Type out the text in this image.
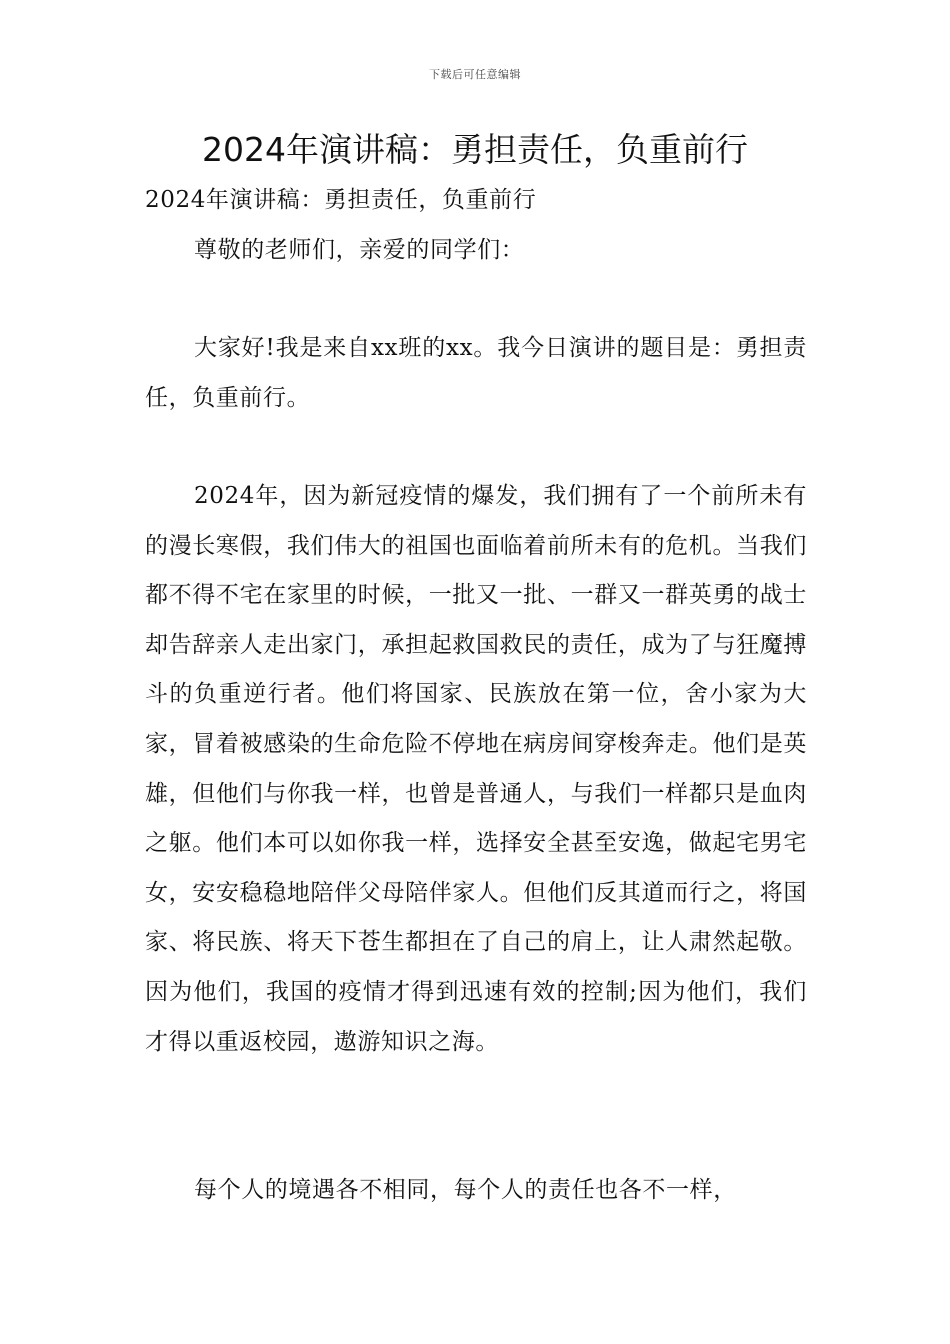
下载后可任意编辑
2024年演讲稿：勇担责任，负重前行

2024年演讲稿：勇担责任，负重前行

尊敬的老师们，亲爱的同学们：

大家好!我是来自xx班的xx。我今日演讲的题目是：勇担责任，负重前行。

2024年，因为新冠疫情的爆发，我们拥有了一个前所未有的漫长寒假，我们伟大的祖国也面临着前所未有的危机。当我们都不得不宅在家里的时候，一批又一批、一群又一群英勇的战士却告辞亲人走出家门，承担起救国救民的责任，成为了与狂魔搏斗的负重逆行者。他们将国家、民族放在第一位，舍小家为大家，冒着被感染的生命危险不停地在病房间穿梭奔走。他们是英雄，但他们与你我一样，也曾是普通人，与我们一样都只是血肉之躯。他们本可以如你我一样，选择安全甚至安逸，做起宅男宅女，安安稳稳地陪伴父母陪伴家人。但他们反其道而行之，将国家、将民族、将天下苍生都担在了自己的肩上，让人肃然起敬。因为他们，我国的疫情才得到迅速有效的控制;因为他们，我们才得以重返校园，遨游知识之海。

每个人的境遇各不相同，每个人的责任也各不一样，
